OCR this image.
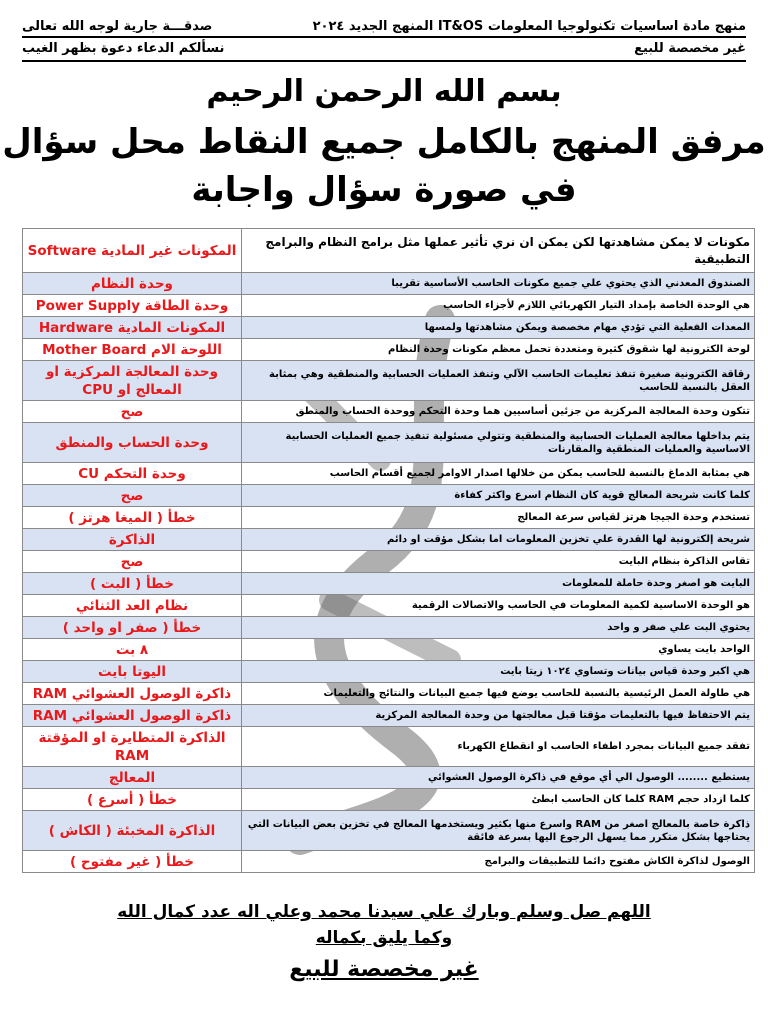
منهج مادة اساسيات تكنولوجيا المعلومات IT&OS المنهج الجديد ٢٠٢٤
صدقـــة جارية لوجه الله تعالى
غير مخصصة للبيع
نسألكم الدعاء دعوة بظهر الغيب
بسم الله الرحمن الرحيم
مرفق المنهج بالكامل جميع النقاط محل سؤال
في صورة سؤال واجابة
مكونات لا يمكن مشاهدتها لكن يمكن ان نري تأثير عملها مثل برامج النظام والبرامج التطبيقية	المكونات غير المادية Software
الصندوق المعدني الذي يحتوي علي جميع مكونات الحاسب الأساسية تقريبا	وحدة النظام
هي الوحدة الخاصة بإمداد التيار الكهربائي اللازم لأجزاء الحاسب	وحدة الطاقة Power Supply
المعدات الفعلية التي تؤدي مهام مخصصة ويمكن مشاهدتها ولمسها	المكونات المادية Hardware
لوحة الكترونية لها شقوق كثيرة ومتعددة تحمل معظم مكونات وحدة النظام	اللوحة الام Mother Board
رقاقة الكترونية صغيرة تنفذ تعليمات الحاسب الآلي وتنفذ العمليات الحسابية والمنطقية وهي بمثابة العقل بالنسبة للحاسب	وحدة المعالجة المركزية او المعالج او CPU
تتكون وحدة المعالجة المركزية من جزئين أساسيين هما وحدة التحكم ووحدة الحساب والمنطق	صح
يتم بداخلها معالجة العمليات الحسابية والمنطقية وتتولي مسئولية تنفيذ جميع العمليات الحسابية الاساسية والعمليات المنطقية والمقارنات	وحدة الحساب والمنطق
هي بمثابة الدماغ بالنسبة للحاسب يمكن من خلالها اصدار الاوامر لجميع أقسام الحاسب	وحدة التحكم CU
كلما كانت شريحة المعالج قوية كان النظام اسرع واكثر كفاءة	صح
تستخدم وحدة الجيجا هرتز لقياس سرعة المعالج	خطأ ( الميغا هرتز )
شريحة إلكترونية لها القدرة علي تخزين المعلومات اما بشكل مؤقت او دائم	الذاكرة
تقاس الذاكرة بنظام البايت	صح
البايت هو اصغر وحدة حاملة للمعلومات	خطأ ( البت )
هو الوحدة الاساسية لكمية المعلومات في الحاسب والاتصالات الرقمية	نظام العد الثنائي
يحتوي البت علي صفر و واحد	خطأ ( صفر او واحد )
الواحد بايت يساوي	٨ بت
هي اكبر وحدة قياس بيانات وتساوي ١٠٢٤ زيتا بايت	اليوتا بايت
هي طاولة العمل الرئيسية بالنسبة للحاسب يوضع فيها جميع البيانات والنتائج والتعليمات	ذاكرة الوصول العشوائي RAM
يتم الاحتفاظ فيها بالتعليمات مؤقتا قبل معالجتها من وحدة المعالجة المركزية	ذاكرة الوصول العشوائي RAM
تفقد جميع البيانات بمجرد اطفاء الحاسب او انقطاع الكهرباء	الذاكرة المتطايرة او المؤقتة RAM
يستطيع ........ الوصول الي أي موقع في ذاكرة الوصول العشوائي	المعالج
كلما ازداد حجم RAM كلما كان الحاسب ابطئ	خطأ ( أسرع )
ذاكرة خاصة بالمعالج اصغر من RAM واسرع منها بكثير ويستخدمها المعالج في تخزين بعض البيانات التي يحتاجها بشكل متكرر مما يسهل الرجوع اليها بسرعة فائقة	الذاكرة المخبئة ( الكاش )
الوصول لذاكرة الكاش مفتوح دائما للتطبيقات والبرامج	خطأ ( غير مفتوح )
اللهم صل وسلم وبارك علي سيدنا محمد وعلي اله عدد كمال الله
وكما يليق بكماله
غير مخصصة للبيع
